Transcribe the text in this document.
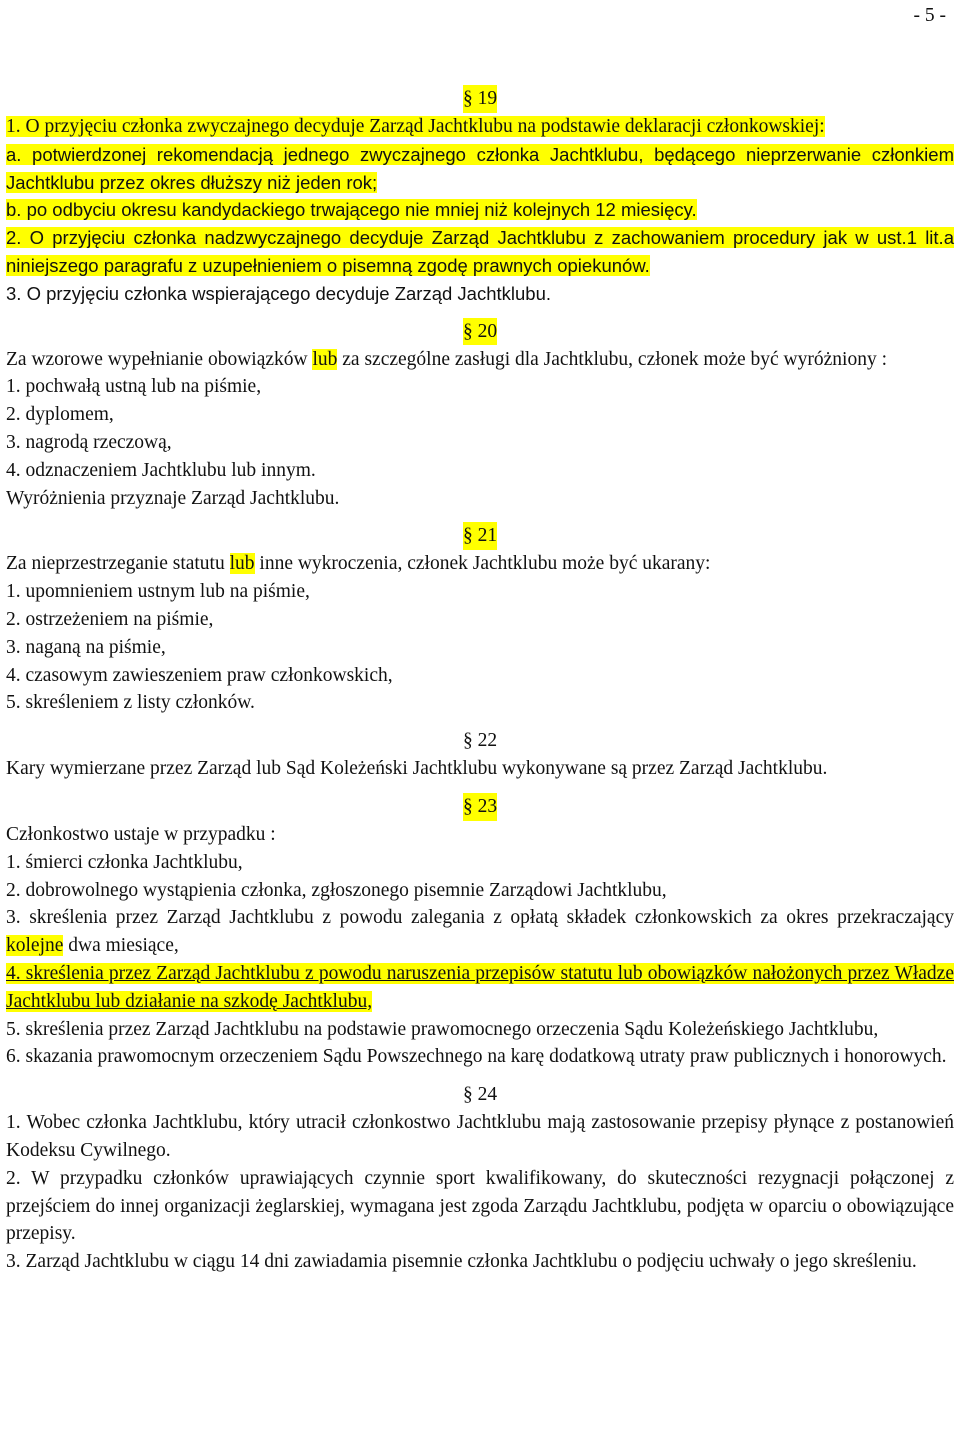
- 5 -

§ 19

1. O przyjęciu członka zwyczajnego decyduje Zarząd Jachtklubu na podstawie deklaracji członkowskiej:

a. potwierdzonej rekomendacją jednego zwyczajnego członka Jachtklubu, będącego nieprzerwanie członkiem Jachtklubu przez okres dłuższy niż jeden rok;

b. po odbyciu okresu kandydackiego trwającego nie mniej niż kolejnych 12 miesięcy.

2. O przyjęciu członka nadzwyczajnego decyduje Zarząd Jachtklubu z zachowaniem procedury jak w ust.1 lit.a niniejszego paragrafu z uzupełnieniem o pisemną zgodę prawnych opiekunów.

3. O przyjęciu członka wspierającego decyduje Zarząd Jachtklubu.

§ 20

Za wzorowe wypełnianie obowiązków lub za szczególne zasługi dla Jachtklubu, członek może być wyróżniony :

1. pochwałą ustną lub na piśmie,

2. dyplomem,

3. nagrodą rzeczową,

4. odznaczeniem Jachtklubu lub innym.

Wyróżnienia przyznaje Zarząd Jachtklubu.

§ 21

Za nieprzestrzeganie statutu lub inne wykroczenia, członek Jachtklubu może być ukarany:

1. upomnieniem ustnym lub na piśmie,

2. ostrzeżeniem na piśmie,

3. naganą na piśmie,

4. czasowym zawieszeniem praw członkowskich,

5. skreśleniem z listy członków.

§ 22

Kary wymierzane przez Zarząd lub Sąd Koleżeński Jachtklubu wykonywane są przez Zarząd Jachtklubu.

§ 23

Członkostwo ustaje w przypadku :

1. śmierci członka Jachtklubu,

2. dobrowolnego wystąpienia członka, zgłoszonego pisemnie Zarządowi Jachtklubu,

3. skreślenia przez Zarząd Jachtklubu z powodu zalegania z opłatą składek członkowskich za okres przekraczający kolejne dwa miesiące,

4. skreślenia przez Zarząd Jachtklubu z powodu naruszenia przepisów statutu lub obowiązków nałożonych przez Władze Jachtklubu lub działanie na szkodę Jachtklubu,

5. skreślenia przez Zarząd Jachtklubu na podstawie prawomocnego orzeczenia Sądu Koleżeńskiego Jachtklubu,

6. skazania prawomocnym orzeczeniem Sądu Powszechnego na karę dodatkową utraty praw publicznych i honorowych.

§ 24

1. Wobec członka Jachtklubu, który utracił członkostwo Jachtklubu mają zastosowanie przepisy płynące z postanowień Kodeksu Cywilnego.

2. W przypadku członków uprawiających czynnie sport kwalifikowany, do skuteczności rezygnacji połączonej z przejściem do innej organizacji żeglarskiej, wymagana jest zgoda Zarządu Jachtklubu, podjęta w oparciu o obowiązujące przepisy.

3. Zarząd Jachtklubu w ciągu 14 dni zawiadamia pisemnie członka Jachtklubu o podjęciu uchwały o jego skreśleniu.
